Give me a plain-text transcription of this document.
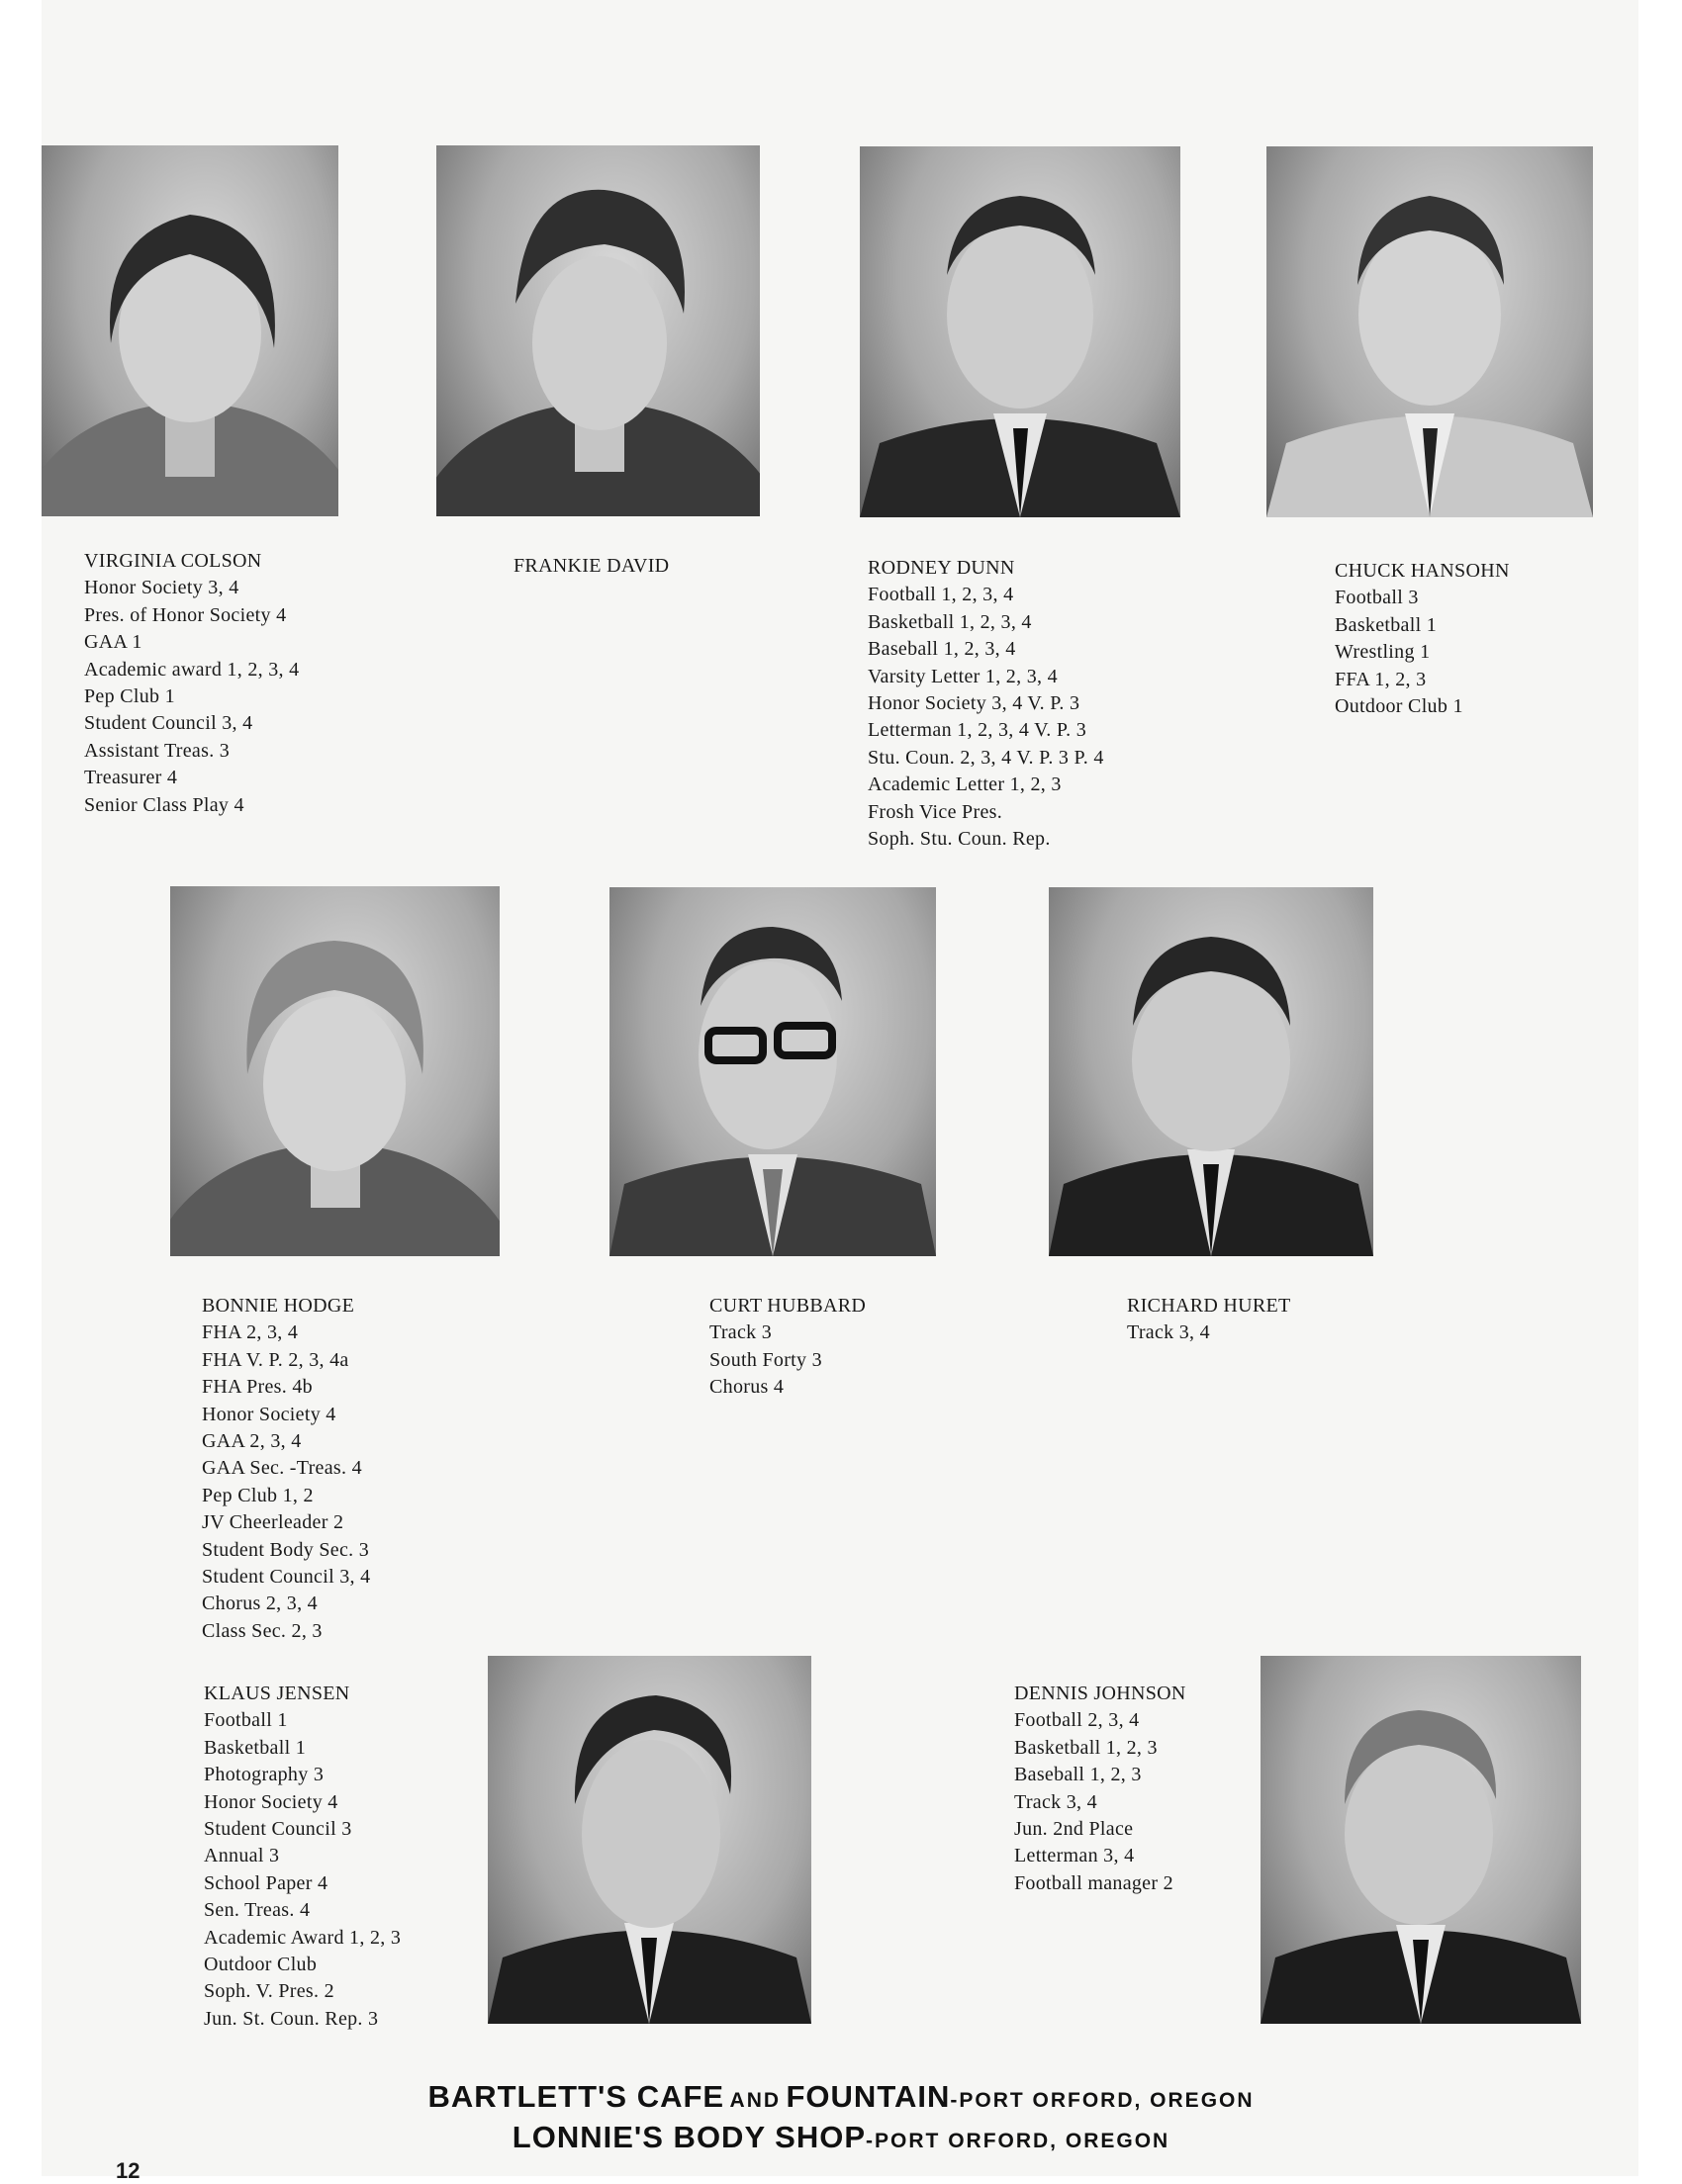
VIRGINIA COLSON
Honor Society 3, 4
Pres. of Honor Society 4
GAA 1
Academic award 1, 2, 3, 4
Pep Club 1
Student Council 3, 4
Assistant Treas. 3
Treasurer 4
Senior Class Play 4
FRANKIE DAVID	RODNEY DUNN
Football 1, 2, 3, 4
Basketball 1, 2, 3, 4
Baseball 1, 2, 3, 4
Varsity Letter 1, 2, 3, 4
Honor Society 3, 4 V. P. 3
Letterman 1, 2, 3, 4 V. P. 3
Stu. Coun. 2, 3, 4 V. P. 3 P. 4
Academic Letter 1, 2, 3
Frosh Vice Pres.
Soph. Stu. Coun. Rep.
CHUCK HANSOHN
Football 3
Basketball 1
Wrestling 1
FFA 1, 2, 3
Outdoor Club 1
BONNIE HODGE
FHA 2, 3, 4
FHA V. P. 2, 3, 4a
FHA Pres. 4b
Honor Society 4
GAA 2, 3, 4
GAA Sec. -Treas. 4
Pep Club 1, 2
JV Cheerleader 2
Student Body Sec. 3
Student Council 3, 4
Chorus 2, 3, 4
Class Sec. 2, 3
CURT HUBBARD
Track 3
South Forty 3
Chorus 4
RICHARD HURET
Track 3, 4
KLAUS JENSEN
Football 1
Basketball 1
Photography 3
Honor Society 4
Student Council 3
Annual 3
School Paper 4
Sen. Treas. 4
Academic Award 1, 2, 3
Outdoor Club
Soph. V. Pres. 2
Jun. St. Coun. Rep. 3
DENNIS JOHNSON
Football 2, 3, 4
Basketball 1, 2, 3
Baseball 1, 2, 3
Track 3, 4
Jun. 2nd Place
Letterman 3, 4
Football manager 2
BARTLETT'S CAFE AND FOUNTAIN-PORT ORFORD, OREGON
LONNIE'S BODY SHOP-PORT ORFORD, OREGON
12
